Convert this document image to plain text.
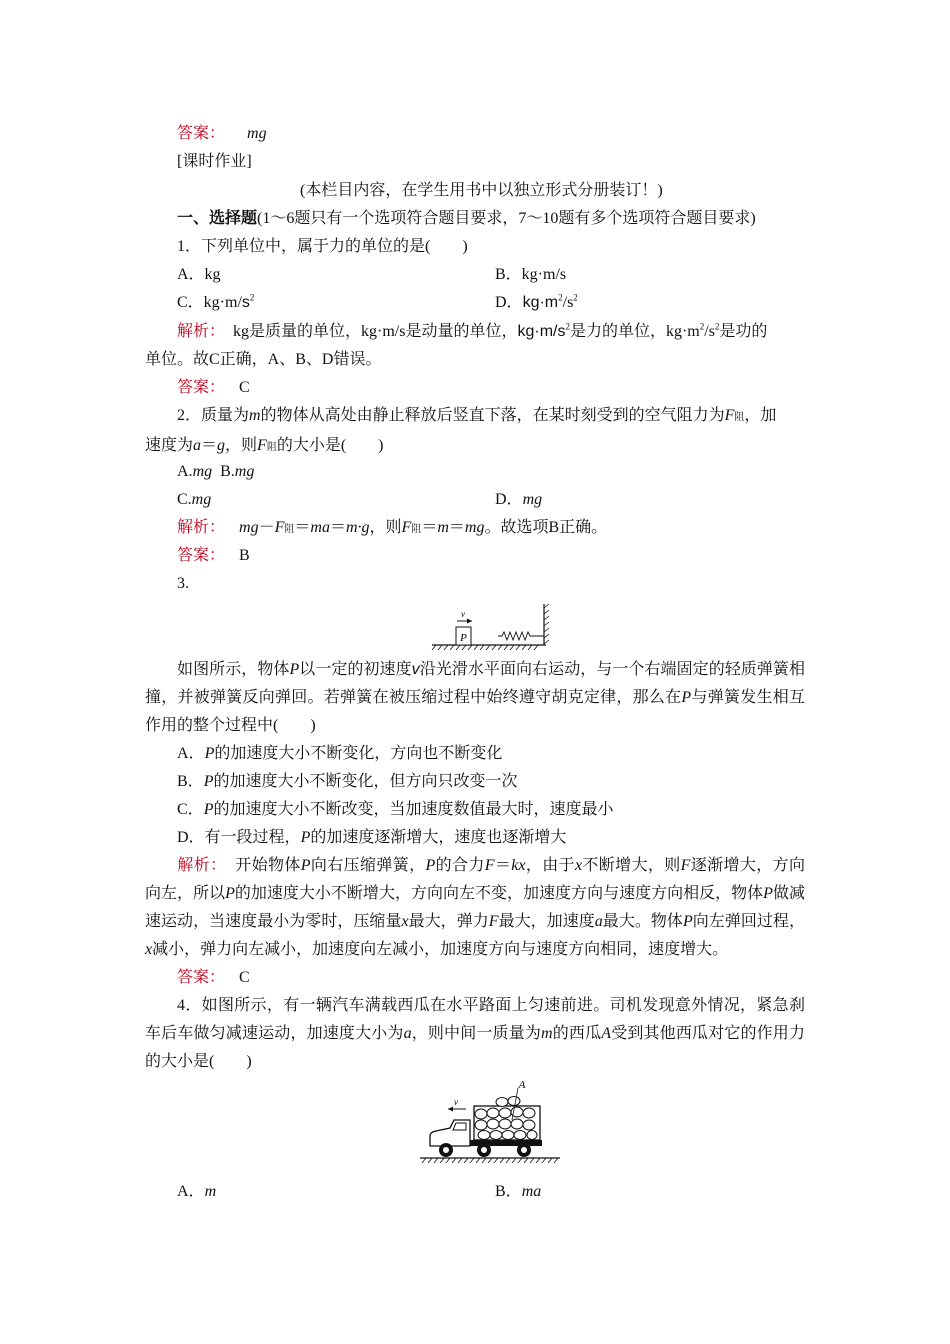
答案： mg
[课时作业]
(本栏目内容，在学生用书中以独立形式分册装订！)
一、选择题(1～6题只有一个选项符合题目要求，7～10题有多个选项符合题目要求)
1．下列单位中，属于力的单位的是(　　)
A．kg	B．kg·m/s
C．$kg\cdot m/s^2$	D．$kg\cdot m^2/s^2$
解析： kg是质量的单位，kg·m/s是动量的单位，$kg\cdot m/s^2$是力的单位，$kg\cdot m^2/s^2$是功的
单位。故C正确，A、B、D错误。
答案： C
2．质量为m的物体从高处由静止释放后竖直下落，在某时刻受到的空气阻力为F阻，加
速度为a＝g，则F阻的大小是(　　)
A.mg B.mg
C.mg	D．mg
解析： mg－F阻＝ma＝m·g，则F阻＝m＝mg。故选项B正确。
答案： B
3.
P
v
如图所示，物体P以一定的初速度v沿光滑水平面向右运动，与一个右端固定的轻质弹簧相撞，并被弹簧反向弹回。若弹簧在被压缩过程中始终遵守胡克定律，那么在P与弹簧发生相互作用的整个过程中(　　)
A．P的加速度大小不断变化，方向也不断变化
B．P的加速度大小不断变化，但方向只改变一次
C．P的加速度大小不断改变，当加速度数值最大时，速度最小
D．有一段过程，P的加速度逐渐增大，速度也逐渐增大
解析： 开始物体P向右压缩弹簧，P的合力F＝kx，由于x不断增大，则F逐渐增大，方向向左，所以P的加速度大小不断增大，方向向左不变，加速度方向与速度方向相反，物体P做减速运动，当速度最小为零时，压缩量x最大，弹力F最大，加速度a最大。物体P向左弹回过程，x减小，弹力向左减小，加速度向左减小，加速度方向与速度方向相同，速度增大。
答案： C
4．如图所示，有一辆汽车满载西瓜在水平路面上匀速前进。司机发现意外情况，紧急刹车后车做匀减速运动，加速度大小为a，则中间一质量为m的西瓜A受到其他西瓜对它的作用力的大小是(　　)
v
A
A．m	B．ma
